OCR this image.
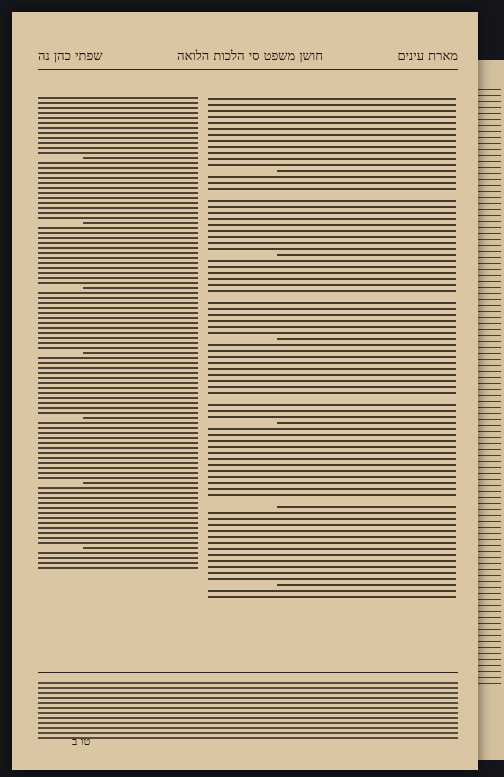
מארת עינים
חושן משפט סי הלכות הלואה
שפתי כהן נה
טו ב
